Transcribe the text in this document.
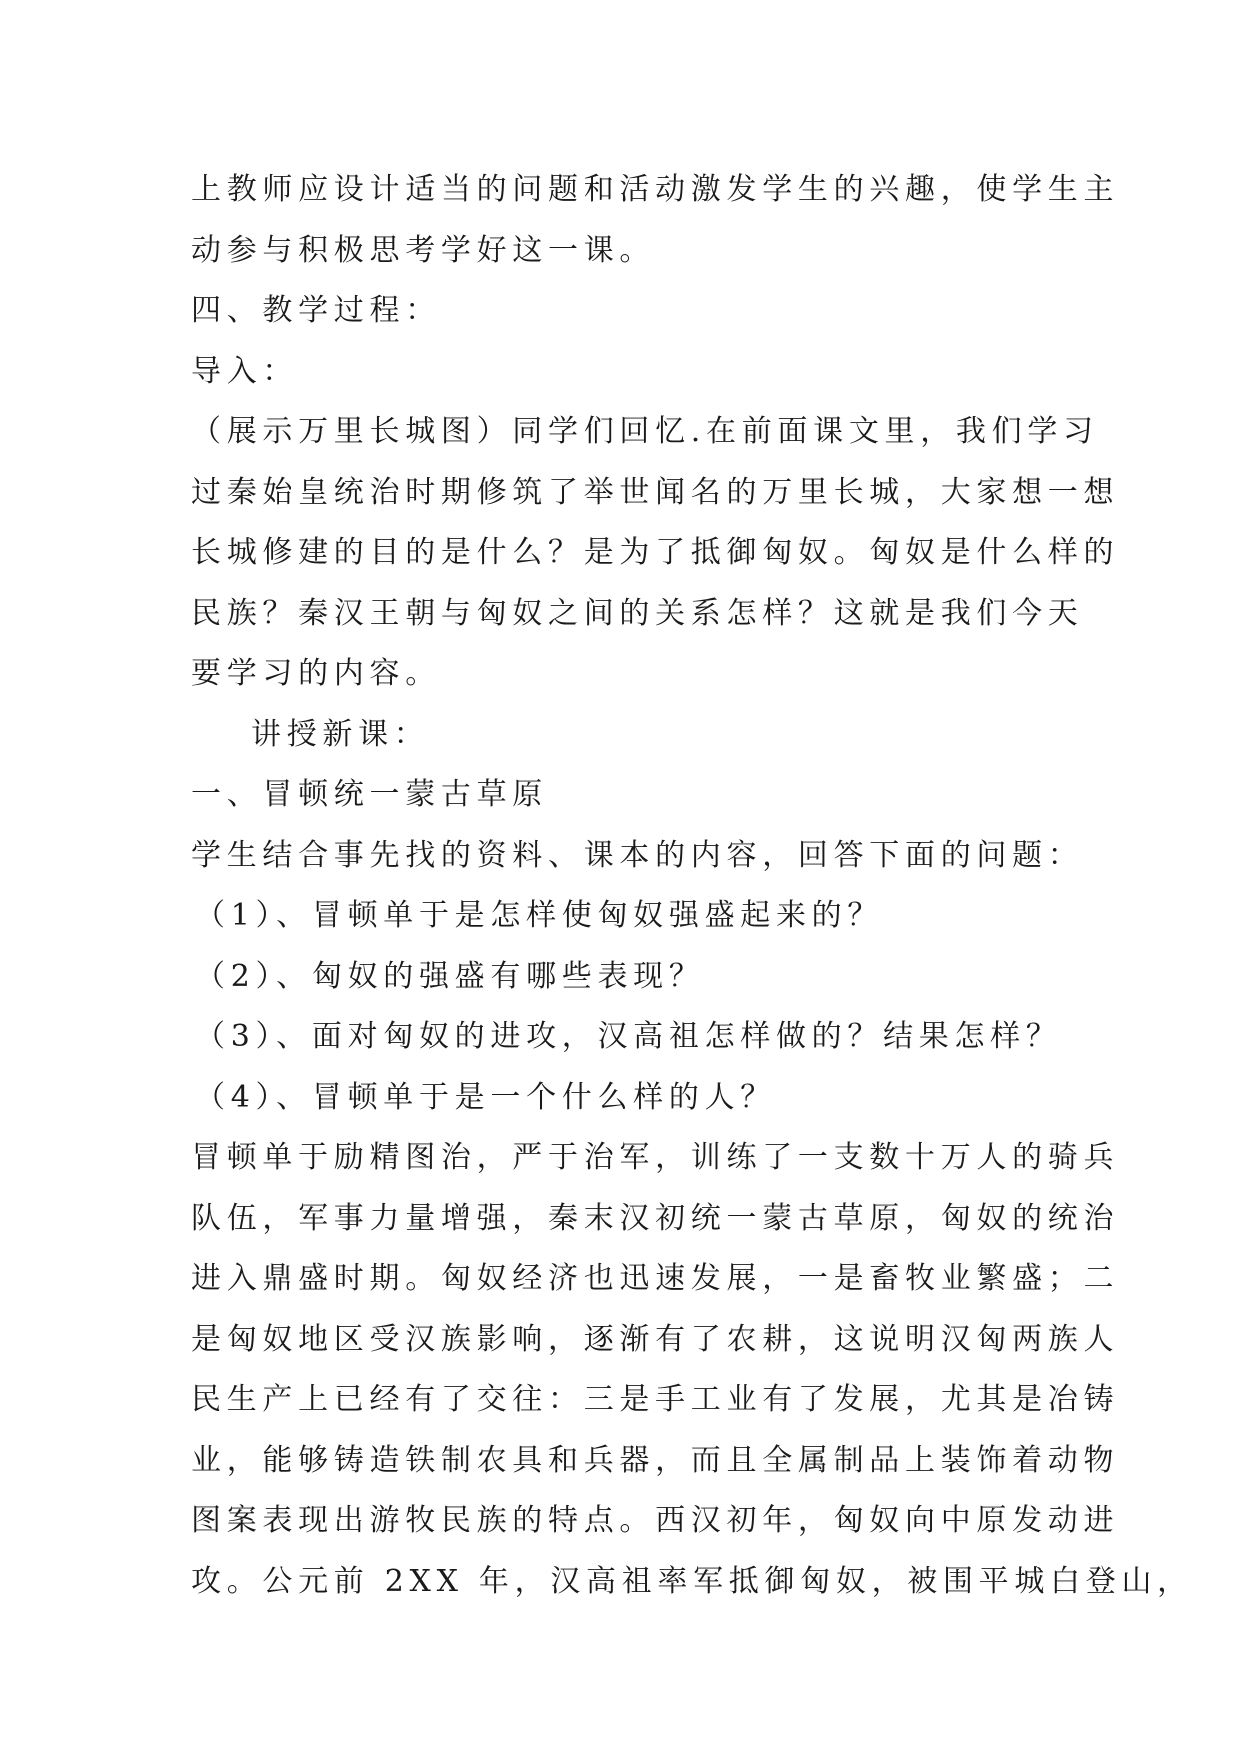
上教师应设计适当的问题和活动激发学生的兴趣，使学生主
动参与积极思考学好这一课。
四、教学过程：
导入：
（展示万里长城图）同学们回忆.在前面课文里，我们学习
过秦始皇统治时期修筑了举世闻名的万里长城，大家想一想
长城修建的目的是什么？是为了抵御匈奴。匈奴是什么样的
民族？秦汉王朝与匈奴之间的关系怎样？这就是我们今天
要学习的内容。
讲授新课：
一、冒顿统一蒙古草原
学生结合事先找的资料、课本的内容，回答下面的问题：
（1）、冒顿单于是怎样使匈奴强盛起来的？
（2）、匈奴的强盛有哪些表现？
（3）、面对匈奴的进攻，汉高祖怎样做的？结果怎样？
（4）、冒顿单于是一个什么样的人？
冒顿单于励精图治，严于治军，训练了一支数十万人的骑兵
队伍，军事力量增强，秦末汉初统一蒙古草原，匈奴的统治
进入鼎盛时期。匈奴经济也迅速发展，一是畜牧业繁盛；二
是匈奴地区受汉族影响，逐渐有了农耕，这说明汉匈两族人
民生产上已经有了交往：三是手工业有了发展，尤其是冶铸
业，能够铸造铁制农具和兵器，而且全属制品上装饰着动物
图案表现出游牧民族的特点。西汉初年，匈奴向中原发动进
攻。公元前 2XX 年，汉高祖率军抵御匈奴，被围平城白登山，
